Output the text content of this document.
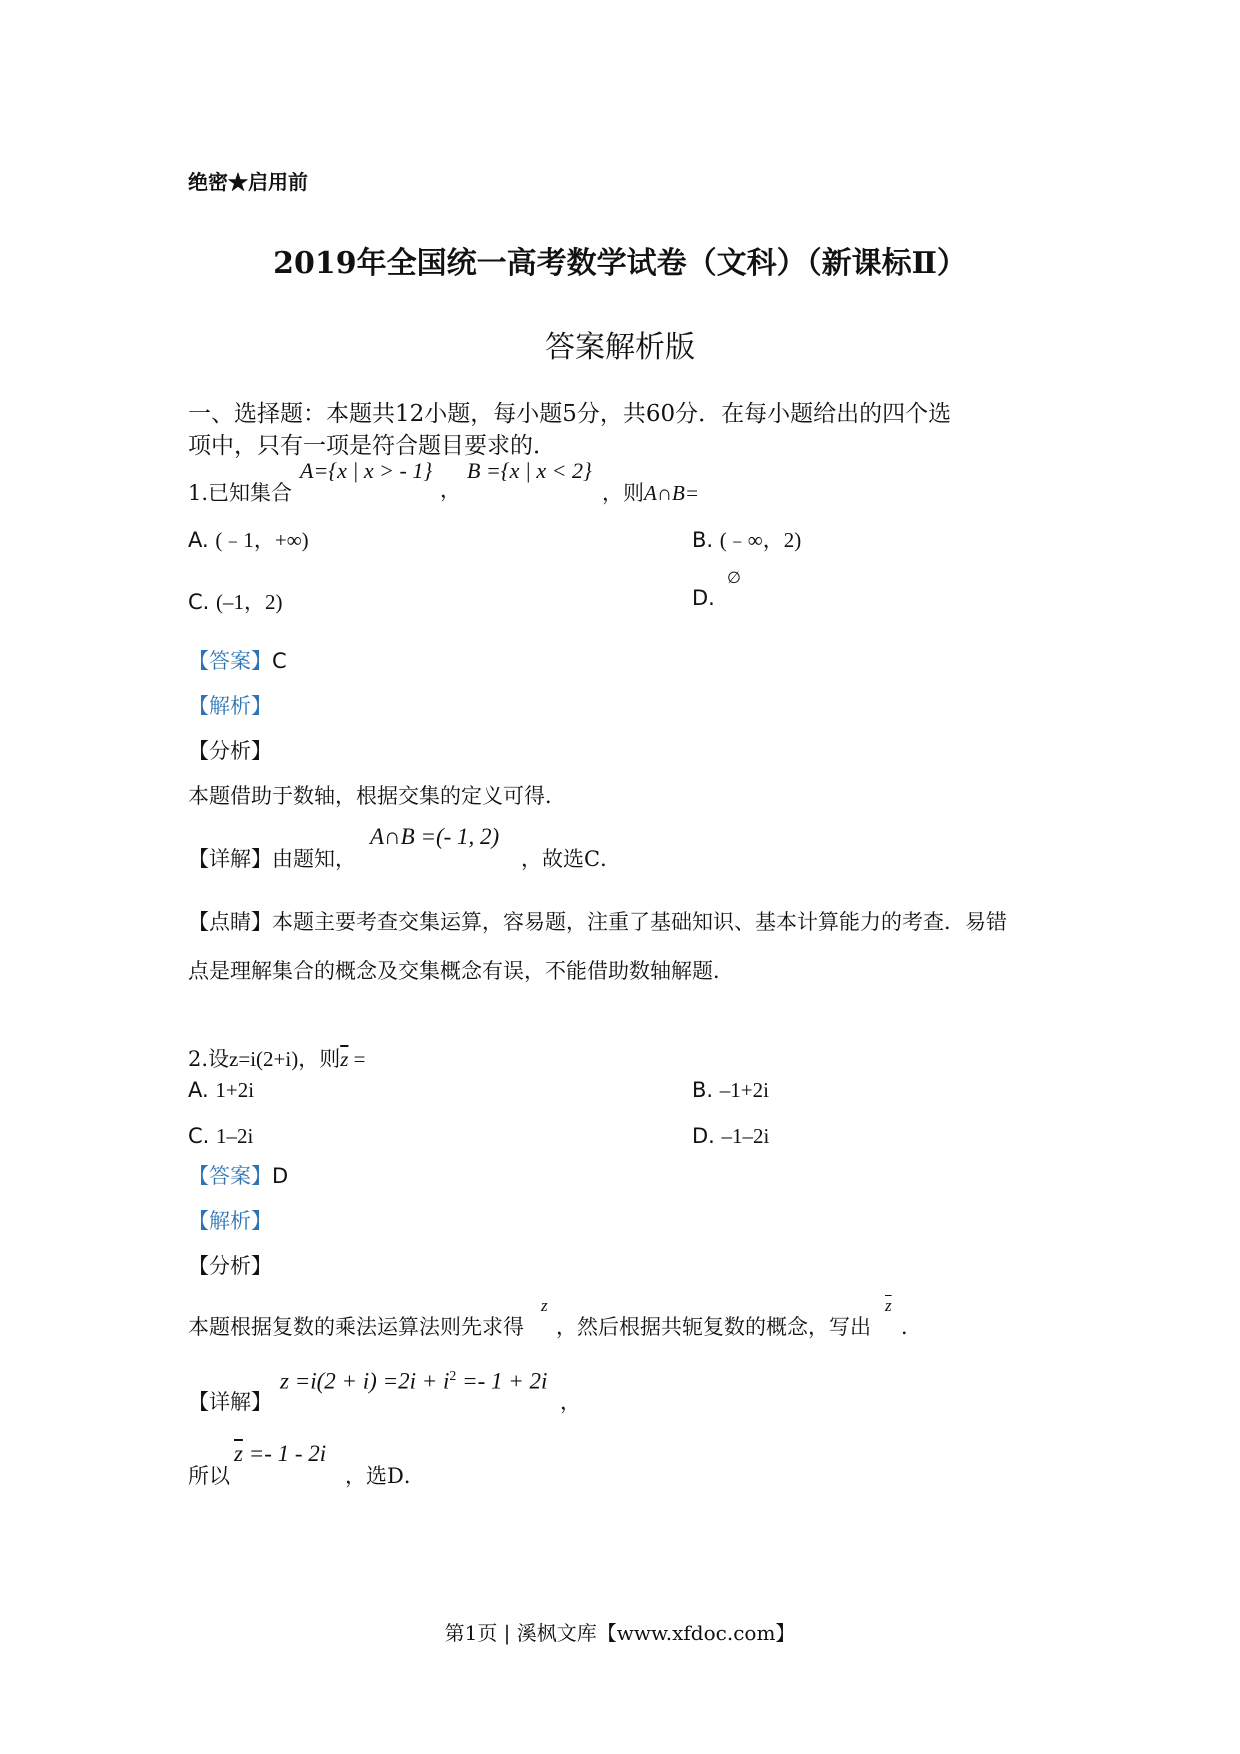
绝密★启用前
2019年全国统一高考数学试卷（文科）（新课标Ⅱ）
答案解析版
一、选择题：本题共12小题，每小题5分，共60分．在每小题给出的四个选
项中，只有一项是符合题目要求的．
1.已知集合
A={x | x > - 1}
，
B ={x | x < 2}
，则A∩B=
A. (﹣1，+∞)	B. (﹣∞，2)
C. (–1，2)	D.
∅
【答案】C
【解析】
【分析】
本题借助于数轴，根据交集的定义可得．
【详解】由题知，
A∩B =(- 1, 2)
，故选C．
【点睛】本题主要考查交集运算，容易题，注重了基础知识、基本计算能力的考查．易错
点是理解集合的概念及交集概念有误，不能借助数轴解题．
2.设z=i(2+i)，则$\overline{z}$ =
A. 1+2i	B. –1+2i
C. 1–2i	D. –1–2i
【答案】D
【解析】
【分析】
本题根据复数的乘法运算法则先求得
z
，然后根据共轭复数的概念，写出
$\overline{z}$
．
【详解】
$z =i(2 + i) =2i + i^2 =- 1 + 2i$
，
所以
$\overline{z} =- 1 - 2i$
，选D．
第1页 | 溪枫文库【www.xfdoc.com】
